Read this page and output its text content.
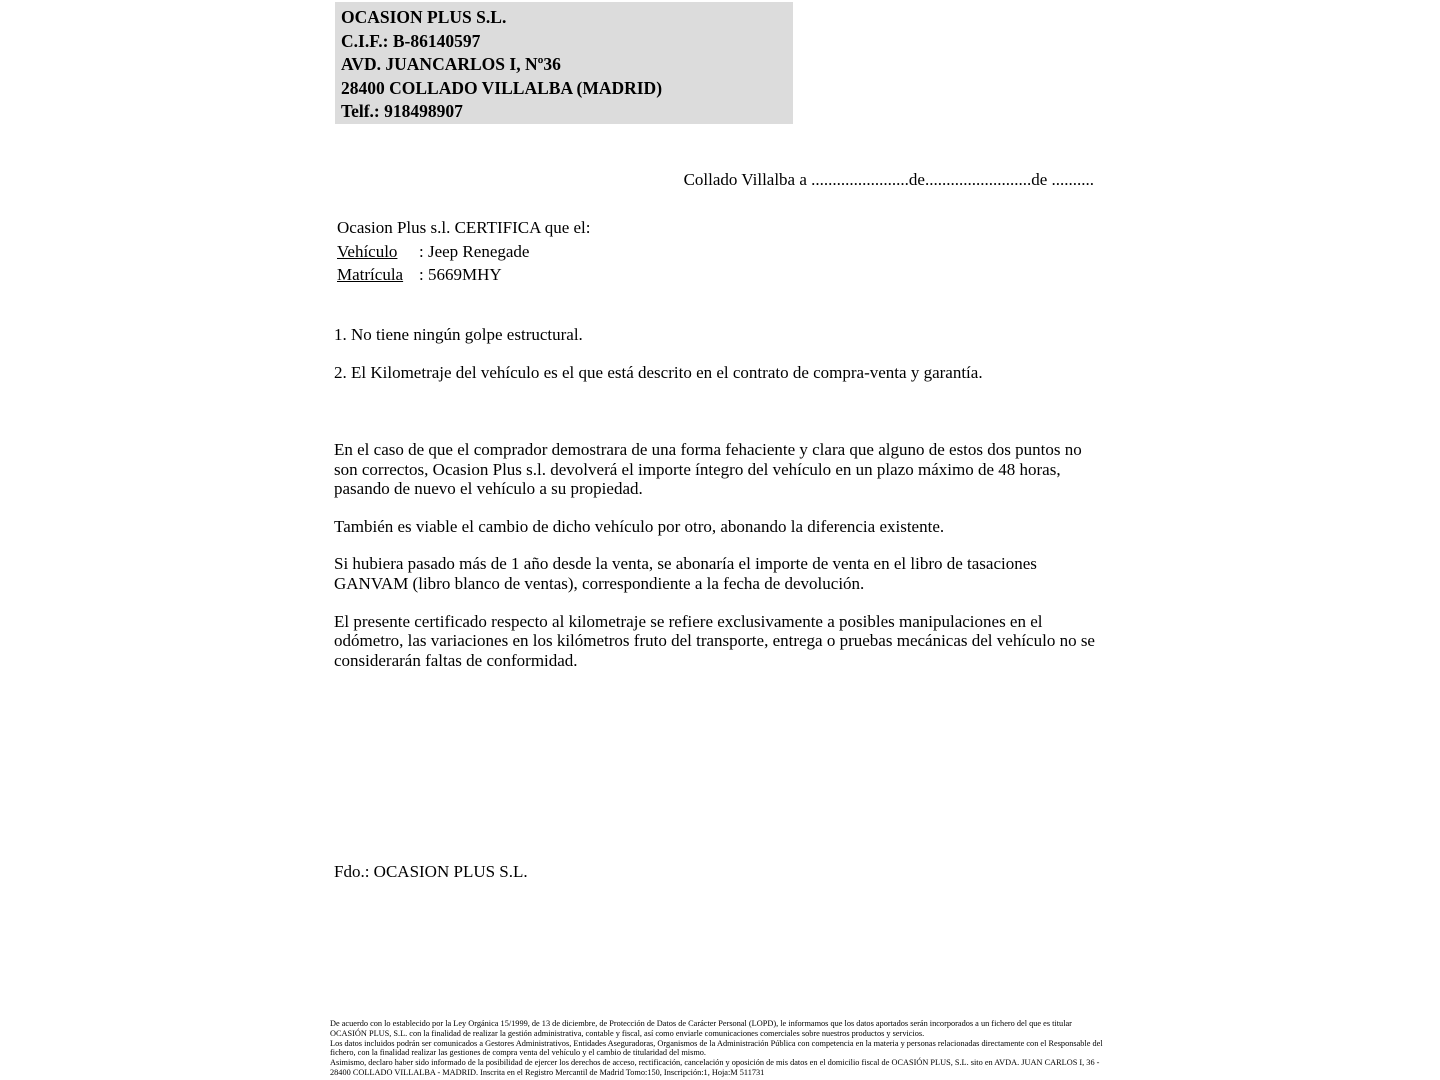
OCASION PLUS S.L.
C.I.F.: B-86140597
AVD. JUANCARLOS I, Nº36
28400 COLLADO VILLALBA (MADRID)
Telf.: 918498907
Collado Villalba a .......................de.........................de ..........
Ocasion Plus s.l. CERTIFICA que el:
Vehículo : Jeep Renegade
Matrícula : 5669MHY

1. No tiene ningún golpe estructural.

2. El Kilometraje del vehículo es el que está descrito en el contrato de compra-venta y garantía.

En el caso de que el comprador demostrara de una forma fehaciente y clara que alguno de estos dos puntos no son correctos, Ocasion Plus s.l. devolverá el importe íntegro del vehículo en un plazo máximo de 48 horas, pasando de nuevo el vehículo a su propiedad.

También es viable el cambio de dicho vehículo por otro, abonando la diferencia existente.

Si hubiera pasado más de 1 año desde la venta, se abonaría el importe de venta en el libro de tasaciones GANVAM (libro blanco de ventas), correspondiente a la fecha de devolución.

El presente certificado respecto al kilometraje se refiere exclusivamente a posibles manipulaciones en el odómetro, las variaciones en los kilómetros fruto del transporte, entrega o pruebas mecánicas del vehículo no se considerarán faltas de conformidad.

Fdo.: OCASION PLUS S.L.

De acuerdo con lo establecido por la Ley Orgánica 15/1999, de 13 de diciembre, de Protección de Datos de Carácter Personal (LOPD), le informamos que los datos aportados serán incorporados a un fichero del que es titular OCASIÓN PLUS, S.L. con la finalidad de realizar la gestión administrativa, contable y fiscal, así como enviarle comunicaciones comerciales sobre nuestros productos y servicios.

Los datos incluidos podrán ser comunicados a Gestores Administrativos, Entidades Aseguradoras, Organismos de la Administración Pública con competencia en la materia y personas relacionadas directamente con el Responsable del fichero, con la finalidad realizar las gestiones de compra venta del vehículo y el cambio de titularidad del mismo.

Asimismo, declaro haber sido informado de la posibilidad de ejercer los derechos de acceso, rectificación, cancelación y oposición de mis datos en el domicilio fiscal de OCASIÓN PLUS, S.L. sito en AVDA. JUAN CARLOS I, 36 - 28400 COLLADO VILLALBA - MADRID. Inscrita en el Registro Mercantil de Madrid Tomo:150, Inscripción:1, Hoja:M 511731
